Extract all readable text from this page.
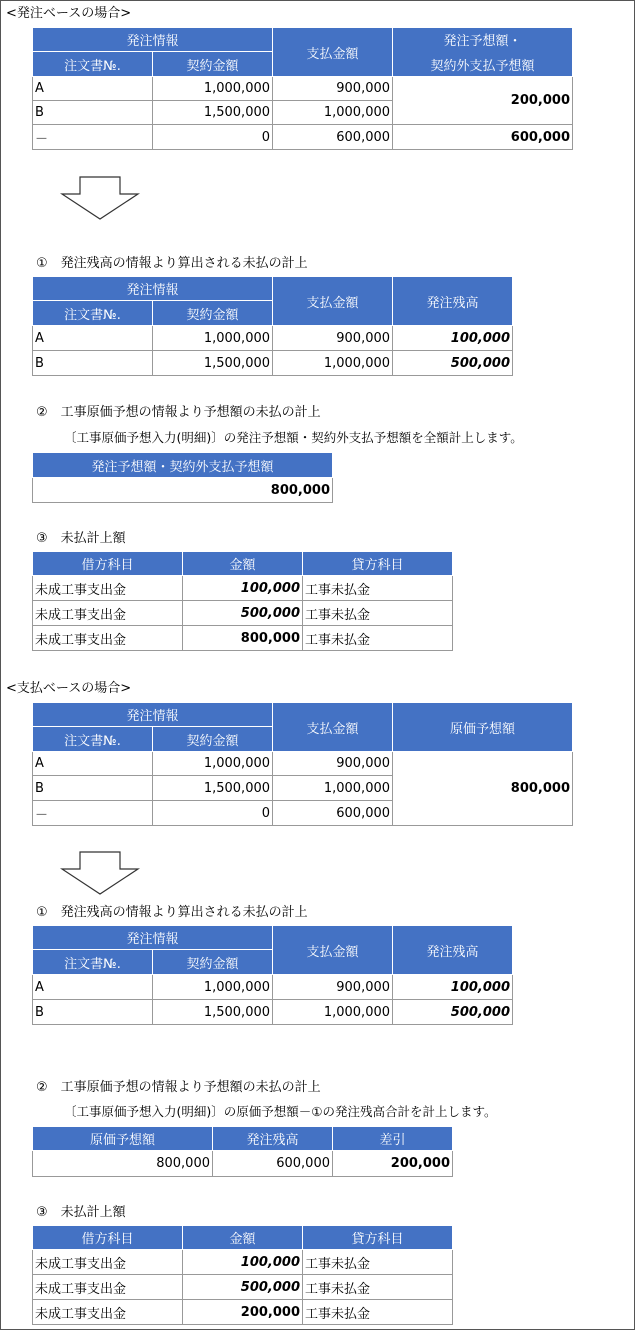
<発注ベースの場合>
発注情報		支払金額	発注予想額・
契約外支払予想額

注文書№.	契約金額		
A	1,000,000	900,000	200,000
B	1,500,000	1,000,000	
－	0	600,000	600,000
①　発注残高の情報より算出される未払の計上
発注情報		支払金額	発注残高
注文書№.	契約金額		
A	1,000,000	900,000	100,000
B	1,500,000	1,000,000	500,000
②　工事原価予想の情報より予想額の未払の計上
〔工事原価予想入力(明細)〕の発注予想額・契約外支払予想額を全額計上します。
発注予想額・契約外支払予想額
800,000
③　未払計上額
借方科目	金額	貸方科目
未成工事支出金	100,000	工事未払金
未成工事支出金	500,000	工事未払金
未成工事支出金	800,000	工事未払金
<支払ベースの場合>
発注情報		支払金額	原価予想額
注文書№.	契約金額		
A	1,000,000	900,000	800,000
B	1,500,000	1,000,000	
－	0	600,000	
①　発注残高の情報より算出される未払の計上
発注情報		支払金額	発注残高
注文書№.	契約金額		
A	1,000,000	900,000	100,000
B	1,500,000	1,000,000	500,000
②　工事原価予想の情報より予想額の未払の計上
〔工事原価予想入力(明細)〕の原価予想額－①の発注残高合計を計上します。
原価予想額	発注残高	差引
800,000	600,000	200,000
③　未払計上額
借方科目	金額	貸方科目
未成工事支出金	100,000	工事未払金
未成工事支出金	500,000	工事未払金
未成工事支出金	200,000	工事未払金
